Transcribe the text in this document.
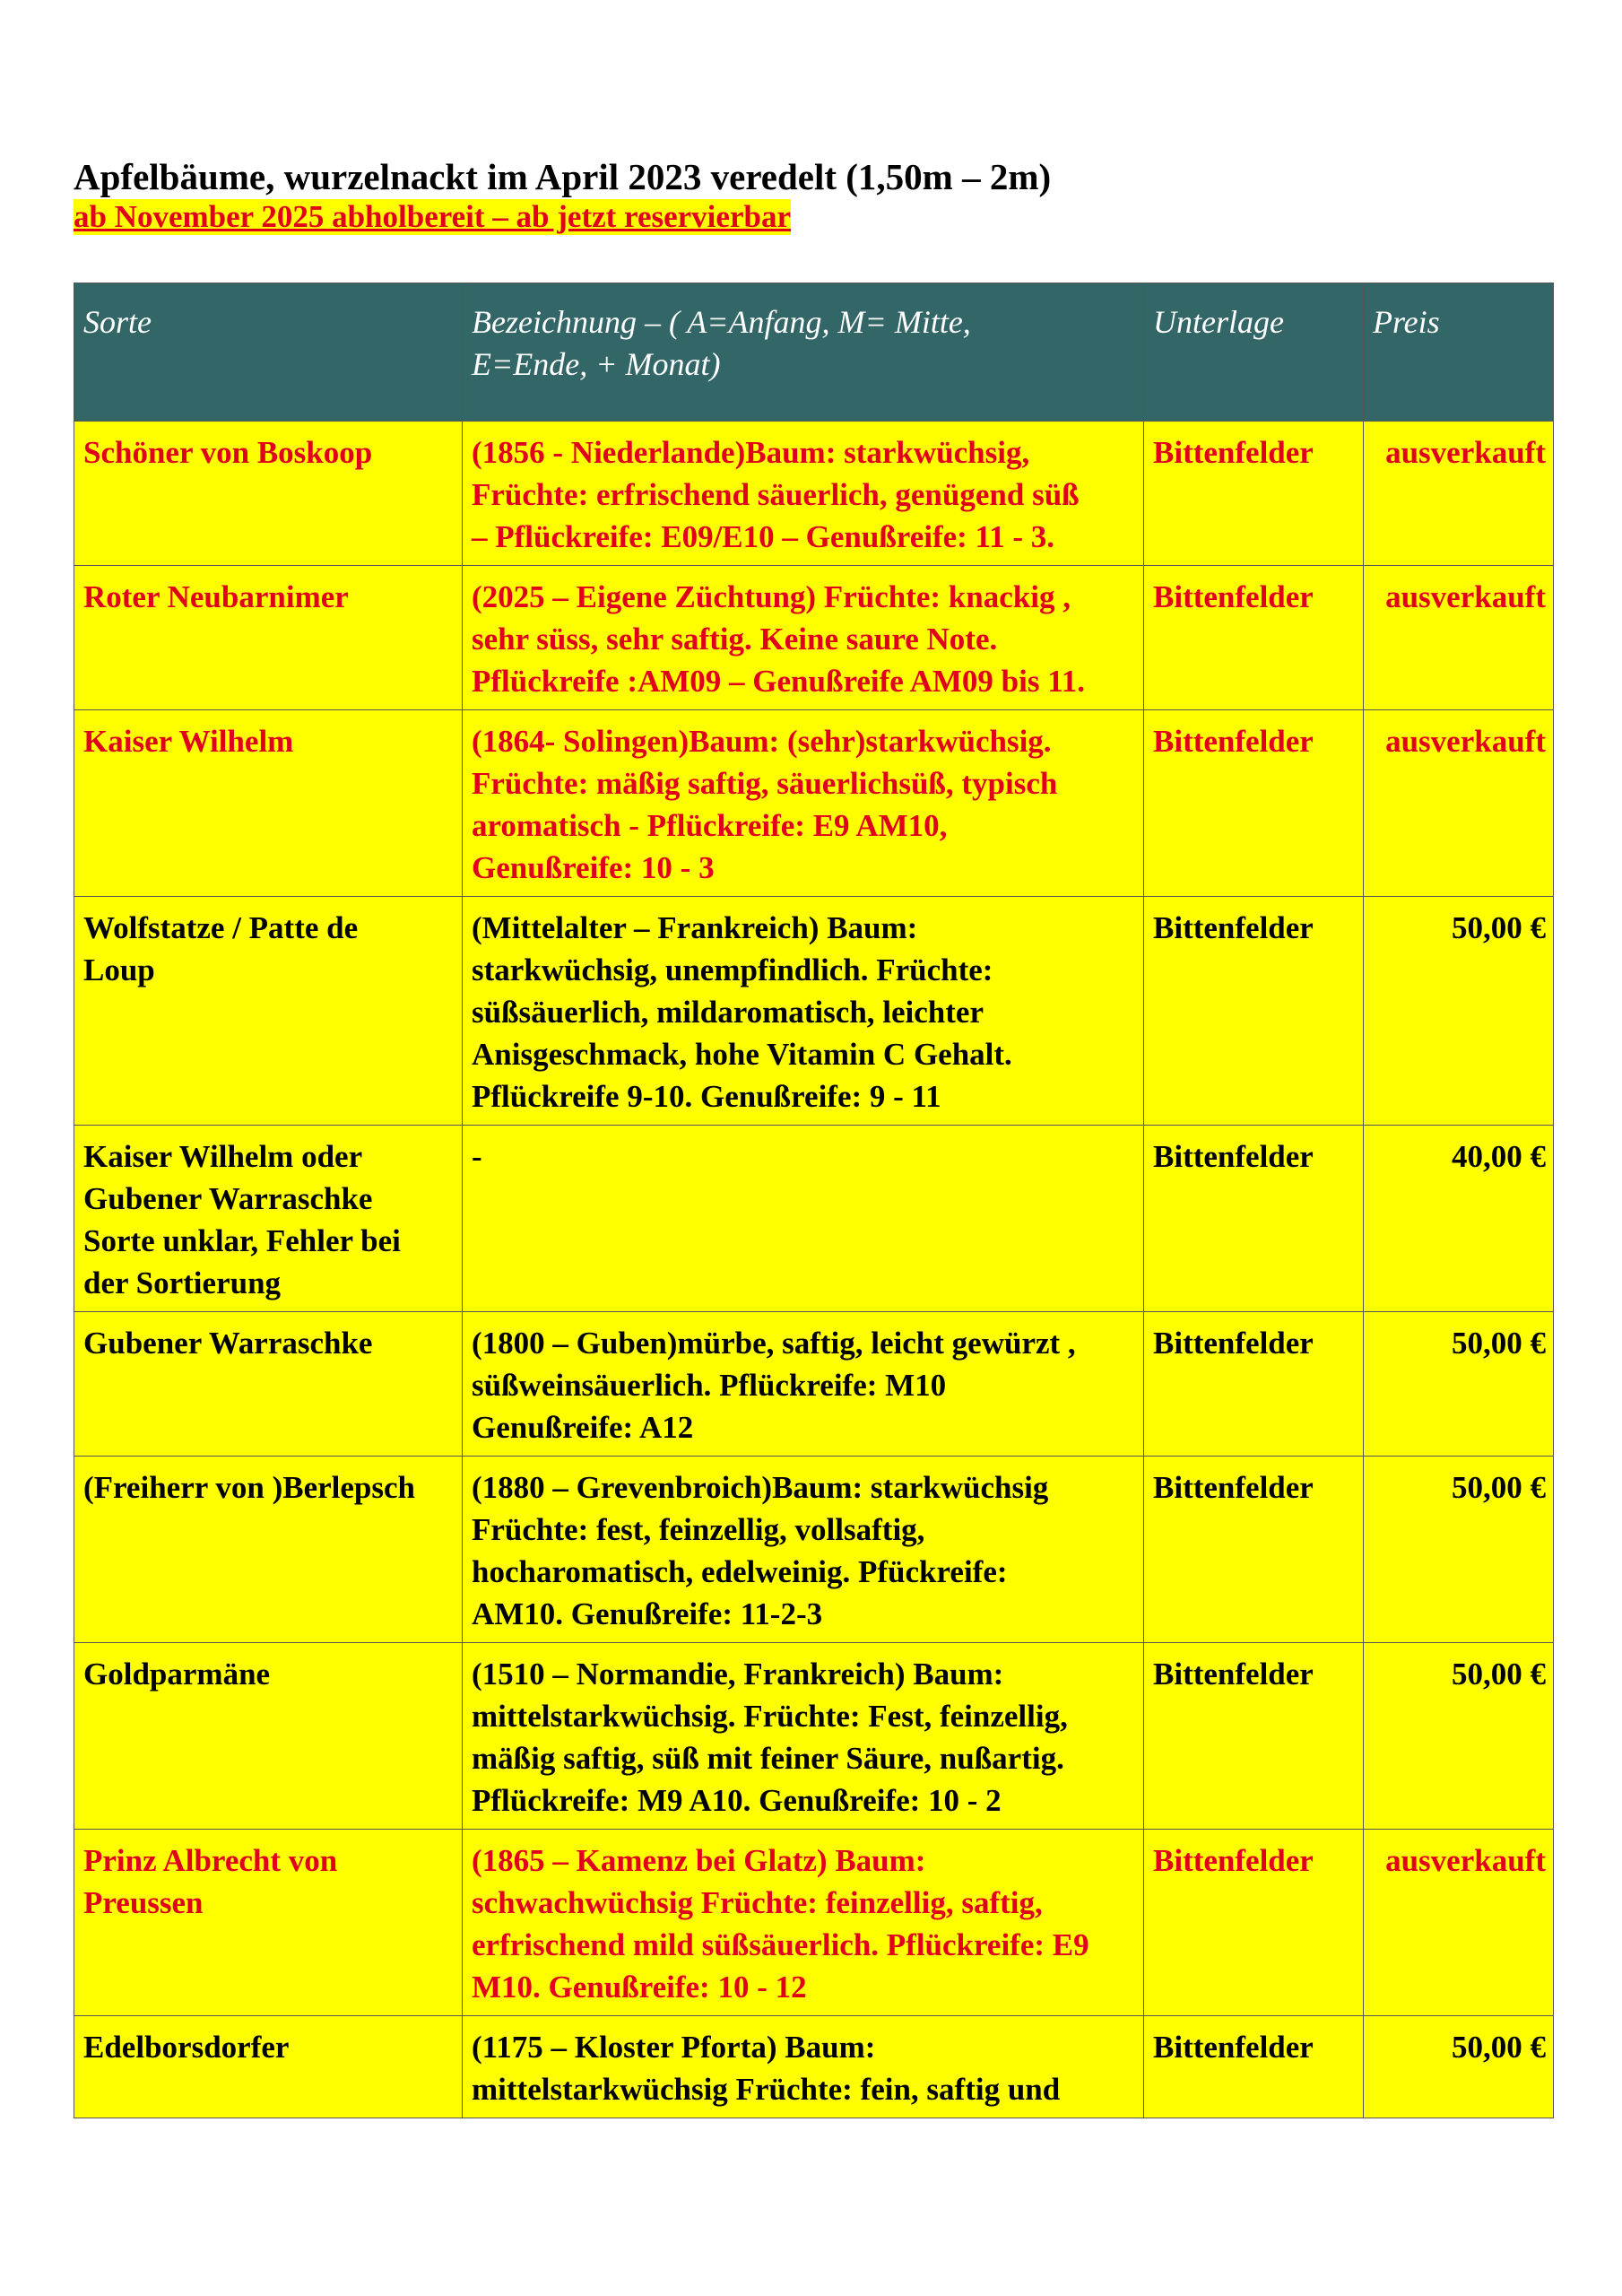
Apfelbäume, wurzelnackt im April 2023 veredelt (1,50m – 2m)

ab November 2025 abholbereit – ab jetzt reservierbar

Sorte	Bezeichnung – ( A=Anfang, M= Mitte,
E=Ende, + Monat)	Unterlage	Preis
Schöner von Boskoop	(1856 - Niederlande)Baum: starkwüchsig,
Früchte: erfrischend säuerlich, genügend süß
– Pflückreife: E09/E10 – Genußreife: 11 - 3.	Bittenfelder	ausverkauft
Roter Neubarnimer	(2025 – Eigene Züchtung) Früchte: knackig ,
sehr süss, sehr saftig. Keine saure Note.
Pflückreife :AM09 – Genußreife AM09 bis 11.	Bittenfelder	ausverkauft
Kaiser Wilhelm	(1864- Solingen)Baum: (sehr)starkwüchsig.
Früchte: mäßig saftig, säuerlichsüß, typisch
aromatisch - Pflückreife: E9 AM10,
Genußreife: 10 - 3	Bittenfelder	ausverkauft
Wolfstatze / Patte de
Loup	(Mittelalter – Frankreich) Baum:
starkwüchsig, unempfindlich. Früchte:
süßsäuerlich, mildaromatisch, leichter
Anisgeschmack, hohe Vitamin C Gehalt.
Pflückreife 9-10. Genußreife: 9 - 11	Bittenfelder	50,00 €
Kaiser Wilhelm oder
Gubener Warraschke
Sorte unklar, Fehler bei
der Sortierung	-	Bittenfelder	40,00 €
Gubener Warraschke	(1800 – Guben)mürbe, saftig, leicht gewürzt ,
süßweinsäuerlich. Pflückreife: M10
Genußreife: A12	Bittenfelder	50,00 €
(Freiherr von )Berlepsch	(1880 – Grevenbroich)Baum: starkwüchsig
Früchte: fest, feinzellig, vollsaftig,
hocharomatisch, edelweinig. Pfückreife:
AM10. Genußreife: 11-2-3	Bittenfelder	50,00 €
Goldparmäne	(1510 – Normandie, Frankreich) Baum:
mittelstarkwüchsig. Früchte: Fest, feinzellig,
mäßig saftig, süß mit feiner Säure, nußartig.
Pflückreife: M9 A10. Genußreife: 10 - 2	Bittenfelder	50,00 €
Prinz Albrecht von
Preussen	(1865 – Kamenz bei Glatz) Baum:
schwachwüchsig Früchte: feinzellig, saftig,
erfrischend mild süßsäuerlich. Pflückreife: E9
M10. Genußreife: 10 - 12	Bittenfelder	ausverkauft
Edelborsdorfer	(1175 – Kloster Pforta) Baum:
mittelstarkwüchsig Früchte: fein, saftig und	Bittenfelder	50,00 €
